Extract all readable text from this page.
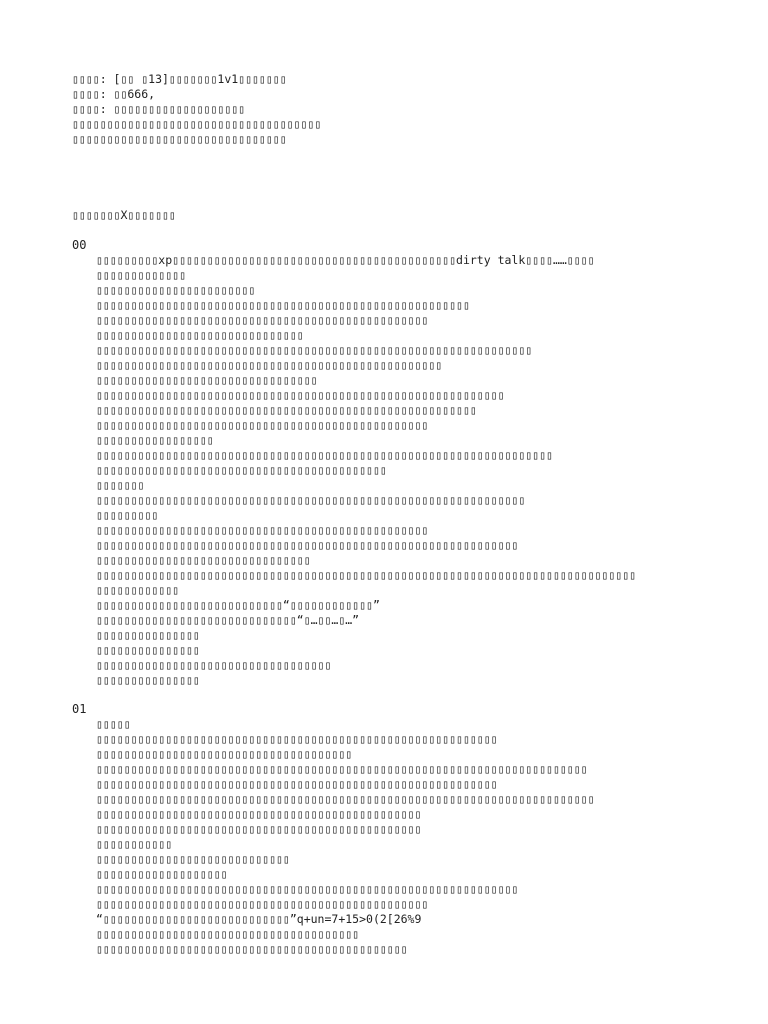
▯▯▯▯: [▯▯ ▯13]▯▯▯▯▯▯▯1v1▯▯▯▯▯▯▯
▯▯▯▯: ▯▯666,
▯▯▯▯: ▯▯▯▯▯▯▯▯▯▯▯▯▯▯▯▯▯▯▯
▯▯▯▯▯▯▯▯▯▯▯▯▯▯▯▯▯▯▯▯▯▯▯▯▯▯▯▯▯▯▯▯▯▯▯▯
▯▯▯▯▯▯▯▯▯▯▯▯▯▯▯▯▯▯▯▯▯▯▯▯▯▯▯▯▯▯▯
▯▯▯▯▯▯▯X▯▯▯▯▯▯▯
00
▯▯▯▯▯▯▯▯▯xp▯▯▯▯▯▯▯▯▯▯▯▯▯▯▯▯▯▯▯▯▯▯▯▯▯▯▯▯▯▯▯▯▯▯▯▯▯▯▯▯▯dirty talk▯▯▯▯……▯▯▯▯
▯▯▯▯▯▯▯▯▯▯▯▯▯
▯▯▯▯▯▯▯▯▯▯▯▯▯▯▯▯▯▯▯▯▯▯▯
▯▯▯▯▯▯▯▯▯▯▯▯▯▯▯▯▯▯▯▯▯▯▯▯▯▯▯▯▯▯▯▯▯▯▯▯▯▯▯▯▯▯▯▯▯▯▯▯▯▯▯▯▯▯
▯▯▯▯▯▯▯▯▯▯▯▯▯▯▯▯▯▯▯▯▯▯▯▯▯▯▯▯▯▯▯▯▯▯▯▯▯▯▯▯▯▯▯▯▯▯▯▯
▯▯▯▯▯▯▯▯▯▯▯▯▯▯▯▯▯▯▯▯▯▯▯▯▯▯▯▯▯▯
▯▯▯▯▯▯▯▯▯▯▯▯▯▯▯▯▯▯▯▯▯▯▯▯▯▯▯▯▯▯▯▯▯▯▯▯▯▯▯▯▯▯▯▯▯▯▯▯▯▯▯▯▯▯▯▯▯▯▯▯▯▯▯
▯▯▯▯▯▯▯▯▯▯▯▯▯▯▯▯▯▯▯▯▯▯▯▯▯▯▯▯▯▯▯▯▯▯▯▯▯▯▯▯▯▯▯▯▯▯▯▯▯▯
▯▯▯▯▯▯▯▯▯▯▯▯▯▯▯▯▯▯▯▯▯▯▯▯▯▯▯▯▯▯▯▯
▯▯▯▯▯▯▯▯▯▯▯▯▯▯▯▯▯▯▯▯▯▯▯▯▯▯▯▯▯▯▯▯▯▯▯▯▯▯▯▯▯▯▯▯▯▯▯▯▯▯▯▯▯▯▯▯▯▯▯
▯▯▯▯▯▯▯▯▯▯▯▯▯▯▯▯▯▯▯▯▯▯▯▯▯▯▯▯▯▯▯▯▯▯▯▯▯▯▯▯▯▯▯▯▯▯▯▯▯▯▯▯▯▯▯
▯▯▯▯▯▯▯▯▯▯▯▯▯▯▯▯▯▯▯▯▯▯▯▯▯▯▯▯▯▯▯▯▯▯▯▯▯▯▯▯▯▯▯▯▯▯▯▯
▯▯▯▯▯▯▯▯▯▯▯▯▯▯▯▯▯
▯▯▯▯▯▯▯▯▯▯▯▯▯▯▯▯▯▯▯▯▯▯▯▯▯▯▯▯▯▯▯▯▯▯▯▯▯▯▯▯▯▯▯▯▯▯▯▯▯▯▯▯▯▯▯▯▯▯▯▯▯▯▯▯▯▯
▯▯▯▯▯▯▯▯▯▯▯▯▯▯▯▯▯▯▯▯▯▯▯▯▯▯▯▯▯▯▯▯▯▯▯▯▯▯▯▯▯▯
▯▯▯▯▯▯▯
▯▯▯▯▯▯▯▯▯▯▯▯▯▯▯▯▯▯▯▯▯▯▯▯▯▯▯▯▯▯▯▯▯▯▯▯▯▯▯▯▯▯▯▯▯▯▯▯▯▯▯▯▯▯▯▯▯▯▯▯▯▯
▯▯▯▯▯▯▯▯▯
▯▯▯▯▯▯▯▯▯▯▯▯▯▯▯▯▯▯▯▯▯▯▯▯▯▯▯▯▯▯▯▯▯▯▯▯▯▯▯▯▯▯▯▯▯▯▯▯
▯▯▯▯▯▯▯▯▯▯▯▯▯▯▯▯▯▯▯▯▯▯▯▯▯▯▯▯▯▯▯▯▯▯▯▯▯▯▯▯▯▯▯▯▯▯▯▯▯▯▯▯▯▯▯▯▯▯▯▯▯
▯▯▯▯▯▯▯▯▯▯▯▯▯▯▯▯▯▯▯▯▯▯▯▯▯▯▯▯▯▯▯
▯▯▯▯▯▯▯▯▯▯▯▯▯▯▯▯▯▯▯▯▯▯▯▯▯▯▯▯▯▯▯▯▯▯▯▯▯▯▯▯▯▯▯▯▯▯▯▯▯▯▯▯▯▯▯▯▯▯▯▯▯▯▯▯▯▯▯▯▯▯▯▯▯▯▯▯▯▯
▯▯▯▯▯▯▯▯▯▯▯▯
▯▯▯▯▯▯▯▯▯▯▯▯▯▯▯▯▯▯▯▯▯▯▯▯▯▯▯“▯▯▯▯▯▯▯▯▯▯▯▯”
▯▯▯▯▯▯▯▯▯▯▯▯▯▯▯▯▯▯▯▯▯▯▯▯▯▯▯▯▯“▯…▯▯…▯…”
▯▯▯▯▯▯▯▯▯▯▯▯▯▯▯
▯▯▯▯▯▯▯▯▯▯▯▯▯▯▯
▯▯▯▯▯▯▯▯▯▯▯▯▯▯▯▯▯▯▯▯▯▯▯▯▯▯▯▯▯▯▯▯▯▯
▯▯▯▯▯▯▯▯▯▯▯▯▯▯▯
01
▯▯▯▯▯
▯▯▯▯▯▯▯▯▯▯▯▯▯▯▯▯▯▯▯▯▯▯▯▯▯▯▯▯▯▯▯▯▯▯▯▯▯▯▯▯▯▯▯▯▯▯▯▯▯▯▯▯▯▯▯▯▯▯
▯▯▯▯▯▯▯▯▯▯▯▯▯▯▯▯▯▯▯▯▯▯▯▯▯▯▯▯▯▯▯▯▯▯▯▯▯
▯▯▯▯▯▯▯▯▯▯▯▯▯▯▯▯▯▯▯▯▯▯▯▯▯▯▯▯▯▯▯▯▯▯▯▯▯▯▯▯▯▯▯▯▯▯▯▯▯▯▯▯▯▯▯▯▯▯▯▯▯▯▯▯▯▯▯▯▯▯▯
▯▯▯▯▯▯▯▯▯▯▯▯▯▯▯▯▯▯▯▯▯▯▯▯▯▯▯▯▯▯▯▯▯▯▯▯▯▯▯▯▯▯▯▯▯▯▯▯▯▯▯▯▯▯▯▯▯▯
▯▯▯▯▯▯▯▯▯▯▯▯▯▯▯▯▯▯▯▯▯▯▯▯▯▯▯▯▯▯▯▯▯▯▯▯▯▯▯▯▯▯▯▯▯▯▯▯▯▯▯▯▯▯▯▯▯▯▯▯▯▯▯▯▯▯▯▯▯▯▯▯
▯▯▯▯▯▯▯▯▯▯▯▯▯▯▯▯▯▯▯▯▯▯▯▯▯▯▯▯▯▯▯▯▯▯▯▯▯▯▯▯▯▯▯▯▯▯▯
▯▯▯▯▯▯▯▯▯▯▯▯▯▯▯▯▯▯▯▯▯▯▯▯▯▯▯▯▯▯▯▯▯▯▯▯▯▯▯▯▯▯▯▯▯▯▯
▯▯▯▯▯▯▯▯▯▯▯
▯▯▯▯▯▯▯▯▯▯▯▯▯▯▯▯▯▯▯▯▯▯▯▯▯▯▯▯
▯▯▯▯▯▯▯▯▯▯▯▯▯▯▯▯▯▯▯
▯▯▯▯▯▯▯▯▯▯▯▯▯▯▯▯▯▯▯▯▯▯▯▯▯▯▯▯▯▯▯▯▯▯▯▯▯▯▯▯▯▯▯▯▯▯▯▯▯▯▯▯▯▯▯▯▯▯▯▯▯
▯▯▯▯▯▯▯▯▯▯▯▯▯▯▯▯▯▯▯▯▯▯▯▯▯▯▯▯▯▯▯▯▯▯▯▯▯▯▯▯▯▯▯▯▯▯▯▯
“▯▯▯▯▯▯▯▯▯▯▯▯▯▯▯▯▯▯▯▯▯▯▯▯▯▯▯”q+un=7+15>0(2[26%9
▯▯▯▯▯▯▯▯▯▯▯▯▯▯▯▯▯▯▯▯▯▯▯▯▯▯▯▯▯▯▯▯▯▯▯▯▯▯
▯▯▯▯▯▯▯▯▯▯▯▯▯▯▯▯▯▯▯▯▯▯▯▯▯▯▯▯▯▯▯▯▯▯▯▯▯▯▯▯▯▯▯▯▯
